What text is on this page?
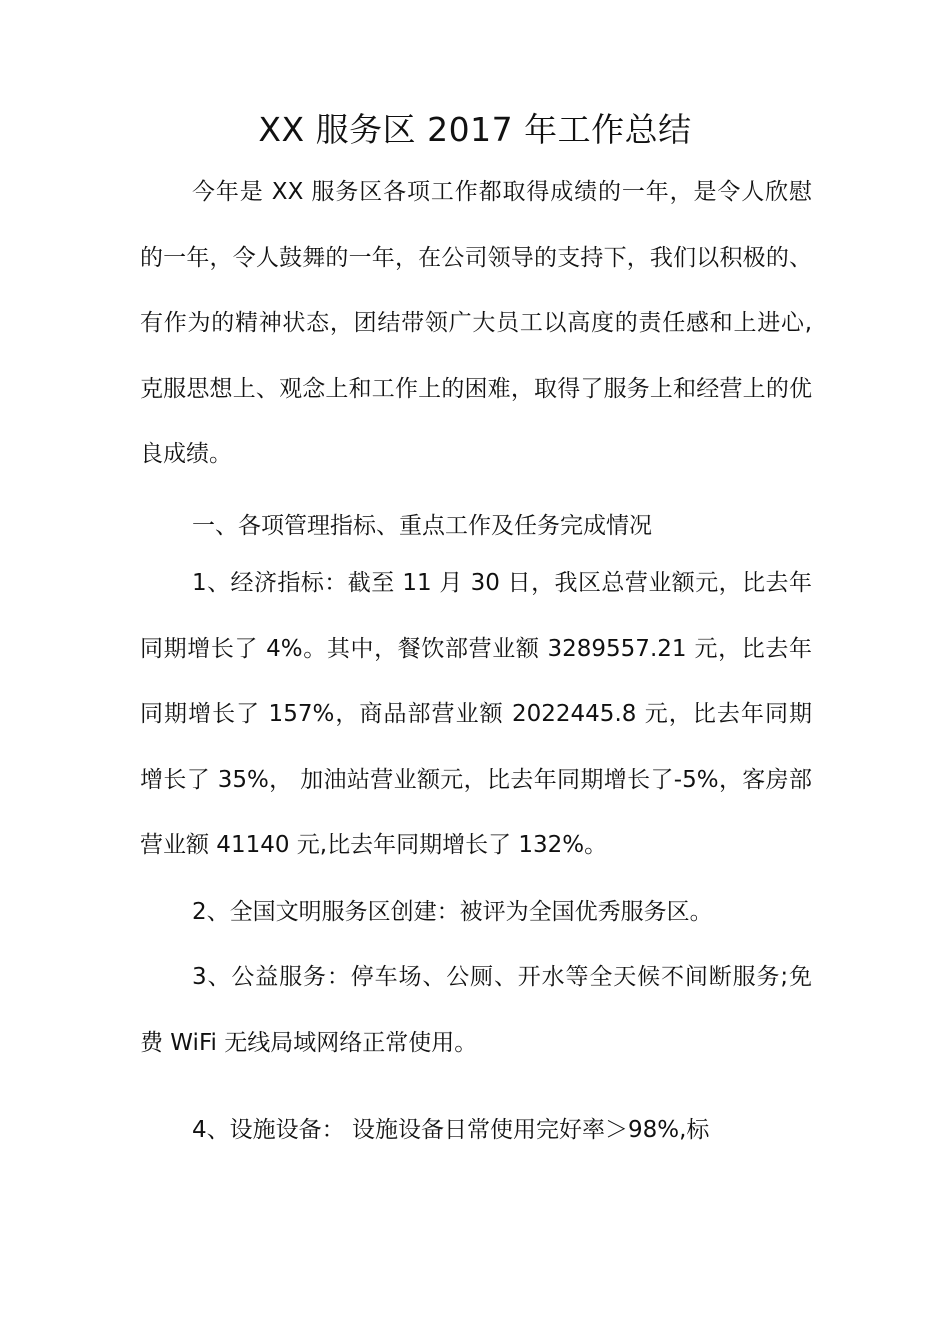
XX 服务区 2017 年工作总结

今年是 XX 服务区各项工作都取得成绩的一年，是令人欣慰的一年，令人鼓舞的一年，在公司领导的支持下，我们以积极的、有作为的精神状态，团结带领广大员工以高度的责任感和上进心,克服思想上、观念上和工作上的困难，取得了服务上和经营上的优良成绩。

一、各项管理指标、重点工作及任务完成情况

1、经济指标：截至 11 月 30 日，我区总营业额元，比去年同期增长了 4%。其中，餐饮部营业额 3289557.21 元，比去年同期增长了 157%，商品部营业额 2022445.8 元，比去年同期增长了 35%， 加油站营业额元，比去年同期增长了-5%，客房部营业额 41140 元,比去年同期增长了 132%。

2、全国文明服务区创建：被评为全国优秀服务区。

3、公益服务：停车场、公厕、开水等全天候不间断服务;免费 WiFi 无线局域网络正常使用。

4、设施设备： 设施设备日常使用完好率＞98%,标
